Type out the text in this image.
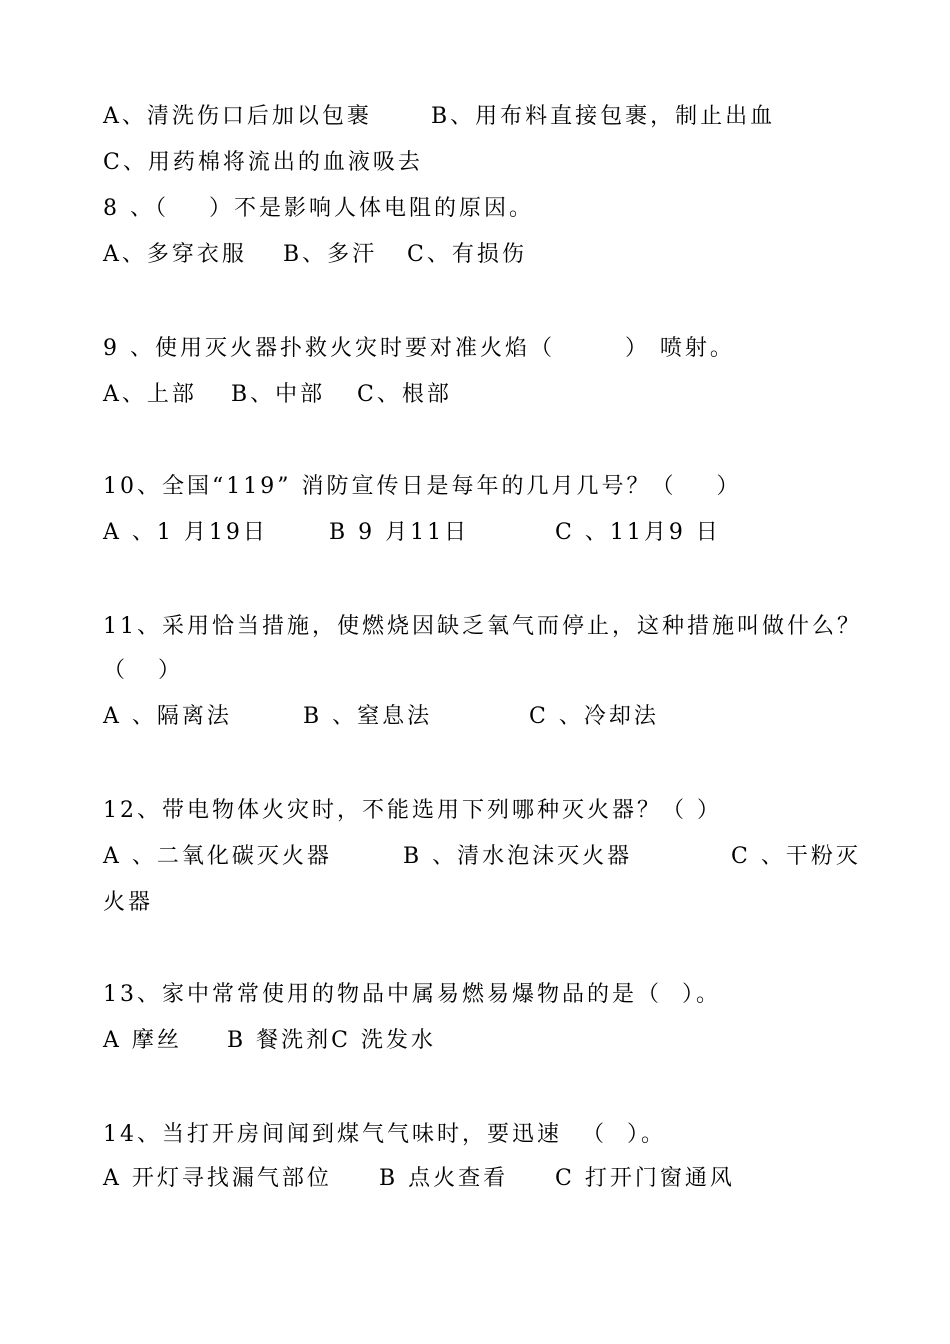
A、清洗伤口后加以包裹

	B、用布料直接包裹，制止出血

C、用药棉将流出的血液吸去

8 、（    ）不是影响人体电阻的原因。

A、多穿衣服

B、多汗

C、有损伤

9 、使用灭火器扑救火灾时要对准火焰（       ） 喷射。

A、上部

B、中部

C、根部

10、全国“119” 消防宣传日是每年的几月几号？（    ）

A 、1 月19日

	B 9 月11日

	C 、11月9 日

11、采用恰当措施，使燃烧因缺乏氧气而停止，这种措施叫做什么？

（   ）

A 、隔离法

	B 、窒息法

	C 、冷却法

12、带电物体火灾时，不能选用下列哪种灭火器？（ ）

A 、二氧化碳灭火器

	B 、清水泡沫灭火器

	C 、干粉灭

火器

13、家中常常使用的物品中属易燃易爆物品的是（  ）。

A 摩丝

B 餐洗剂C 洗发水

14、当打开房间闻到煤气气味时，要迅速  （  ）。

A 开灯寻找漏气部位

B 点火查看

C 打开门窗通风
